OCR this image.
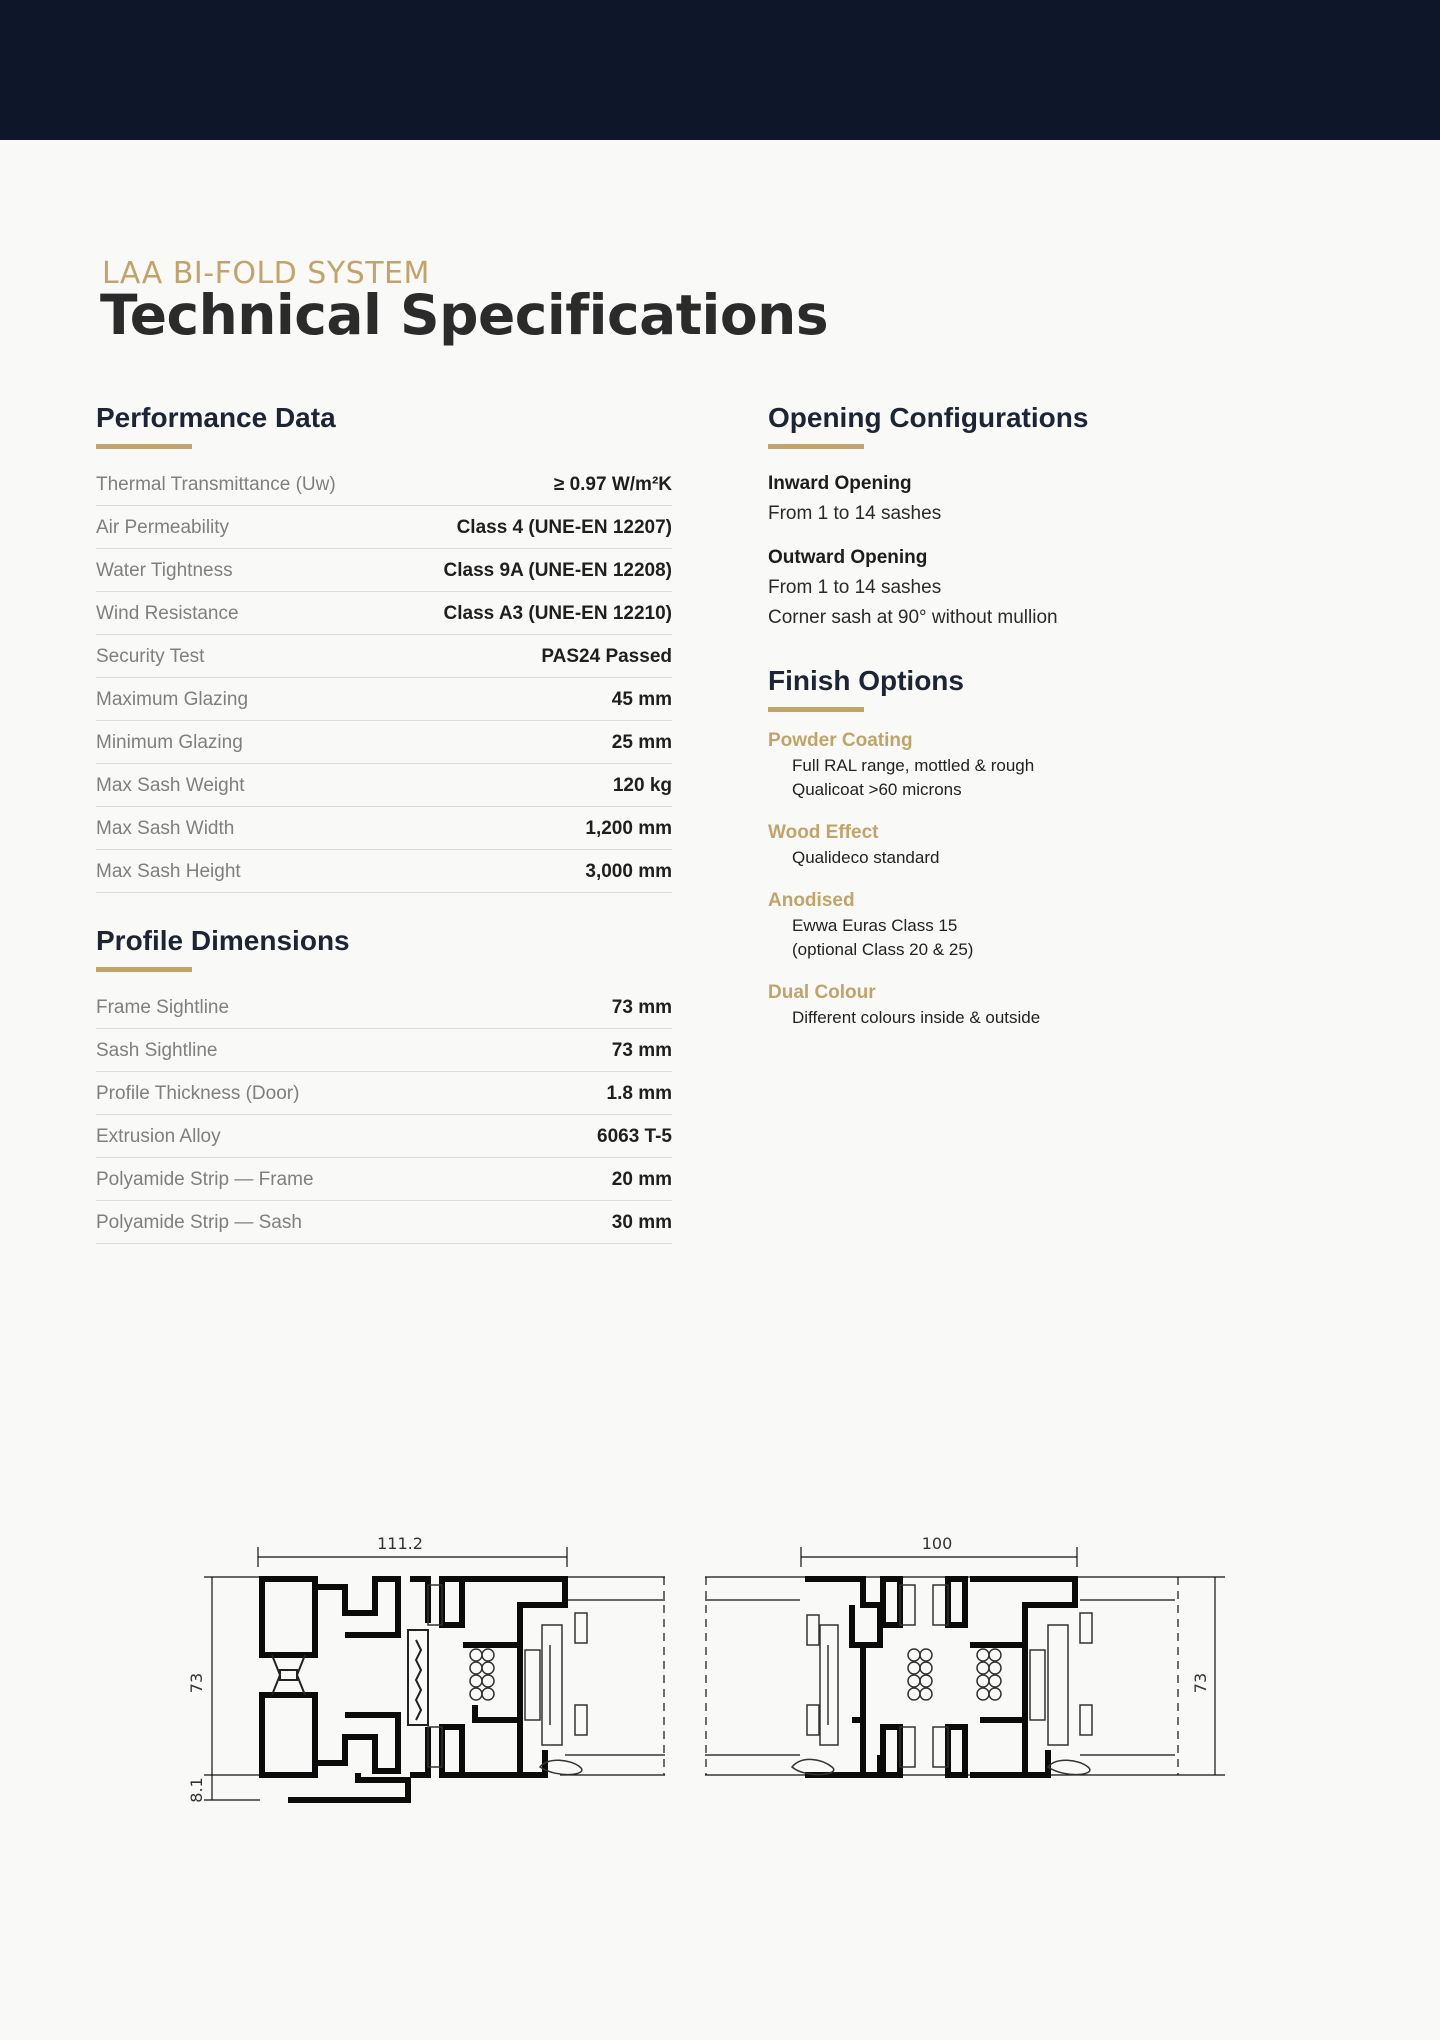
LAA BI-FOLD SYSTEM
Technical Specifications
Performance Data
Thermal Transmittance (Uw)	≥ 0.97 W/m²K
Air Permeability	Class 4 (UNE-EN 12207)
Water Tightness	Class 9A (UNE-EN 12208)
Wind Resistance	Class A3 (UNE-EN 12210)
Security Test	PAS24 Passed
Maximum Glazing	45 mm
Minimum Glazing	25 mm
Max Sash Weight	120 kg
Max Sash Width	1,200 mm
Max Sash Height	3,000 mm
Profile Dimensions
Frame Sightline	73 mm
Sash Sightline	73 mm
Profile Thickness (Door)	1.8 mm
Extrusion Alloy	6063 T-5
Polyamide Strip — Frame	20 mm
Polyamide Strip — Sash	30 mm
Opening Configurations
Inward Opening
From 1 to 14 sashes
Outward Opening
From 1 to 14 sashes
Corner sash at 90° without mullion
Finish Options
Powder Coating
Full RAL range, mottled & rough
Qualicoat >60 microns
Wood Effect
Qualideco standard
Anodised
Ewwa Euras Class 15
(optional Class 20 & 25)
Dual Colour
Different colours inside & outside
111.2	100
73	73
8.1
